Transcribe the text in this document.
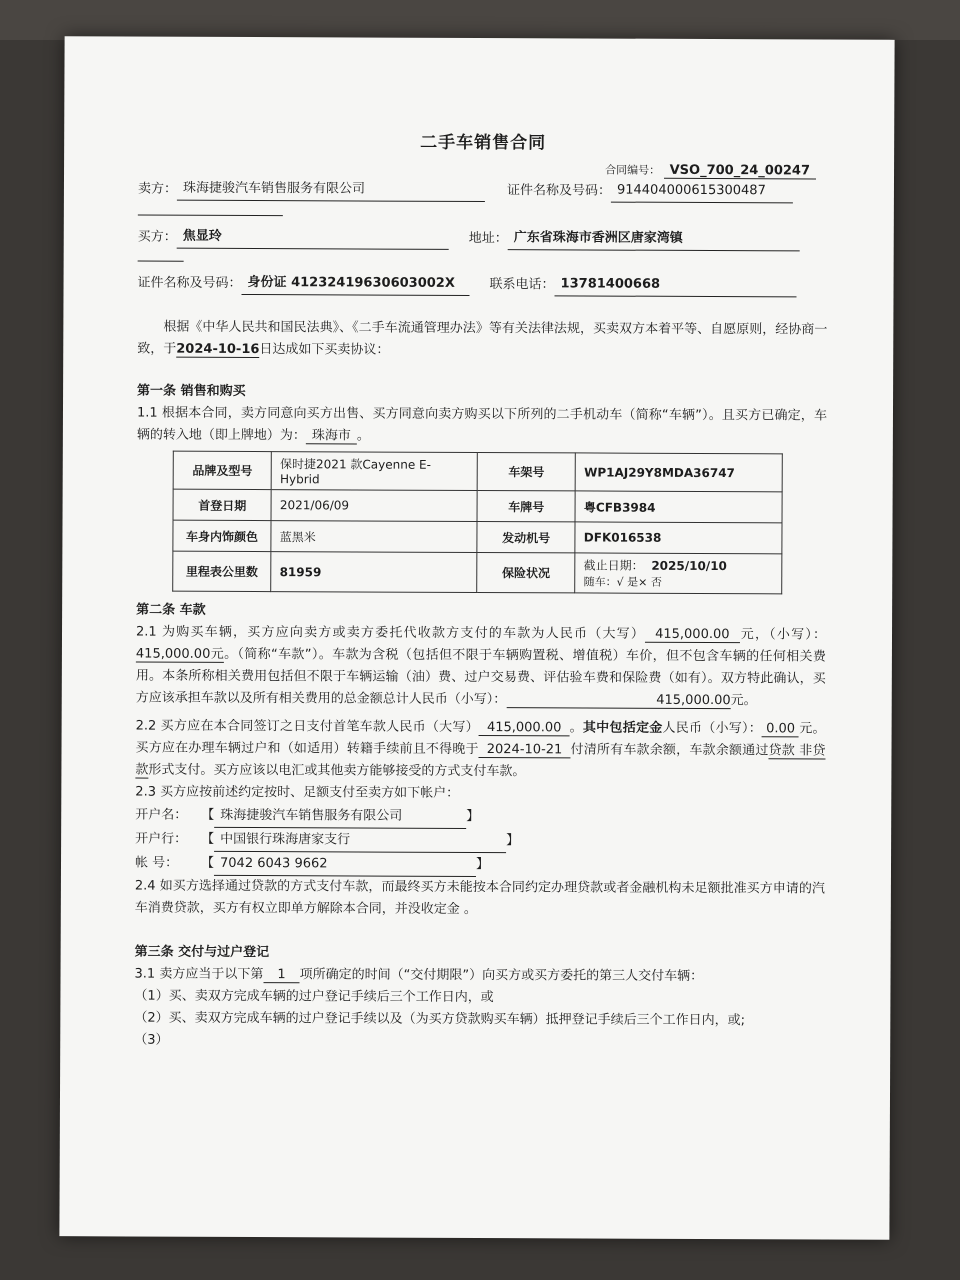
二手车销售合同
合同编号： VSO_700_24_00247
卖方： 珠海捷骏汽车销售服务有限公司	证件名称及号码： 914404000615300487
买方： 焦显玲	地址： 广东省珠海市香洲区唐家湾镇
证件名称及号码： 身份证 41232419630603002X	联系电话： 13781400668

根据《中华人民共和国民法典》、《二手车流通管理办法》等有关法律法规，买卖双方本着平等、自愿原则，经协商一致，于2024-10-16日达成如下买卖协议：

第一条 销售和购买

1.1 根据本合同，卖方同意向买方出售、买方同意向卖方购买以下所列的二手机动车（简称“车辆”）。且买方已确定，车辆的转入地（即上牌地）为： 珠海市 。

品牌及型号	保时捷2021 款Cayenne E-Hybrid	车架号	WP1AJ29Y8MDA36747
首登日期	2021/06/09	车牌号	粤CFB3984
车身内饰颜色	蓝黑米	发动机号	DFK016538
里程表公里数	81959	保险状况	截止日期： 2025/10/10
随车：√ 是× 否
第二条 车款

2.1 为购买车辆，买方应向卖方或卖方委托代收款方支付的车款为人民币（大写） 415,000.00 元，（小写）：415,000.00元。（简称“车款”）。车款为含税（包括但不限于车辆购置税、增值税）车价，但不包含车辆的任何相关费用。本条所称相关费用包括但不限于车辆运输（油）费、过户交易费、评估验车费和保险费（如有）。双方特此确认，买方应该承担车款以及所有相关费用的总金额总计人民币（小写）：	415,000.00元。

2.2 买方应在本合同签订之日支付首笔车款人民币（大写） 415,000.00 。其中包括定金人民币（小写）： 0.00 元。买方应在办理车辆过户和（如适用）转籍手续前且不得晚于 2024-10-21 付清所有车款余额，车款余额通过贷款 非贷款形式支付。买方应该以电汇或其他卖方能够接受的方式支付车款。

2.3 买方应按前述约定按时、足额支付至卖方如下帐户：

开户名：	【 珠海捷骏汽车销售服务有限公司	】
开户行：	【 中国银行珠海唐家支行	】
帐 号：	【 7042 6043 9662	】

2.4 如买方选择通过贷款的方式支付车款，而最终买方未能按本合同约定办理贷款或者金融机构未足额批准买方申请的汽车消费贷款，买方有权立即单方解除本合同，并没收定金 。

第三条 交付与过户登记

3.1 卖方应当于以下第 1 项所确定的时间（“交付期限”）向买方或买方委托的第三人交付车辆：

（1）买、卖双方完成车辆的过户登记手续后三个工作日内，或

（2）买、卖双方完成车辆的过户登记手续以及（为买方贷款购买车辆）抵押登记手续后三个工作日内，或;

（3）
